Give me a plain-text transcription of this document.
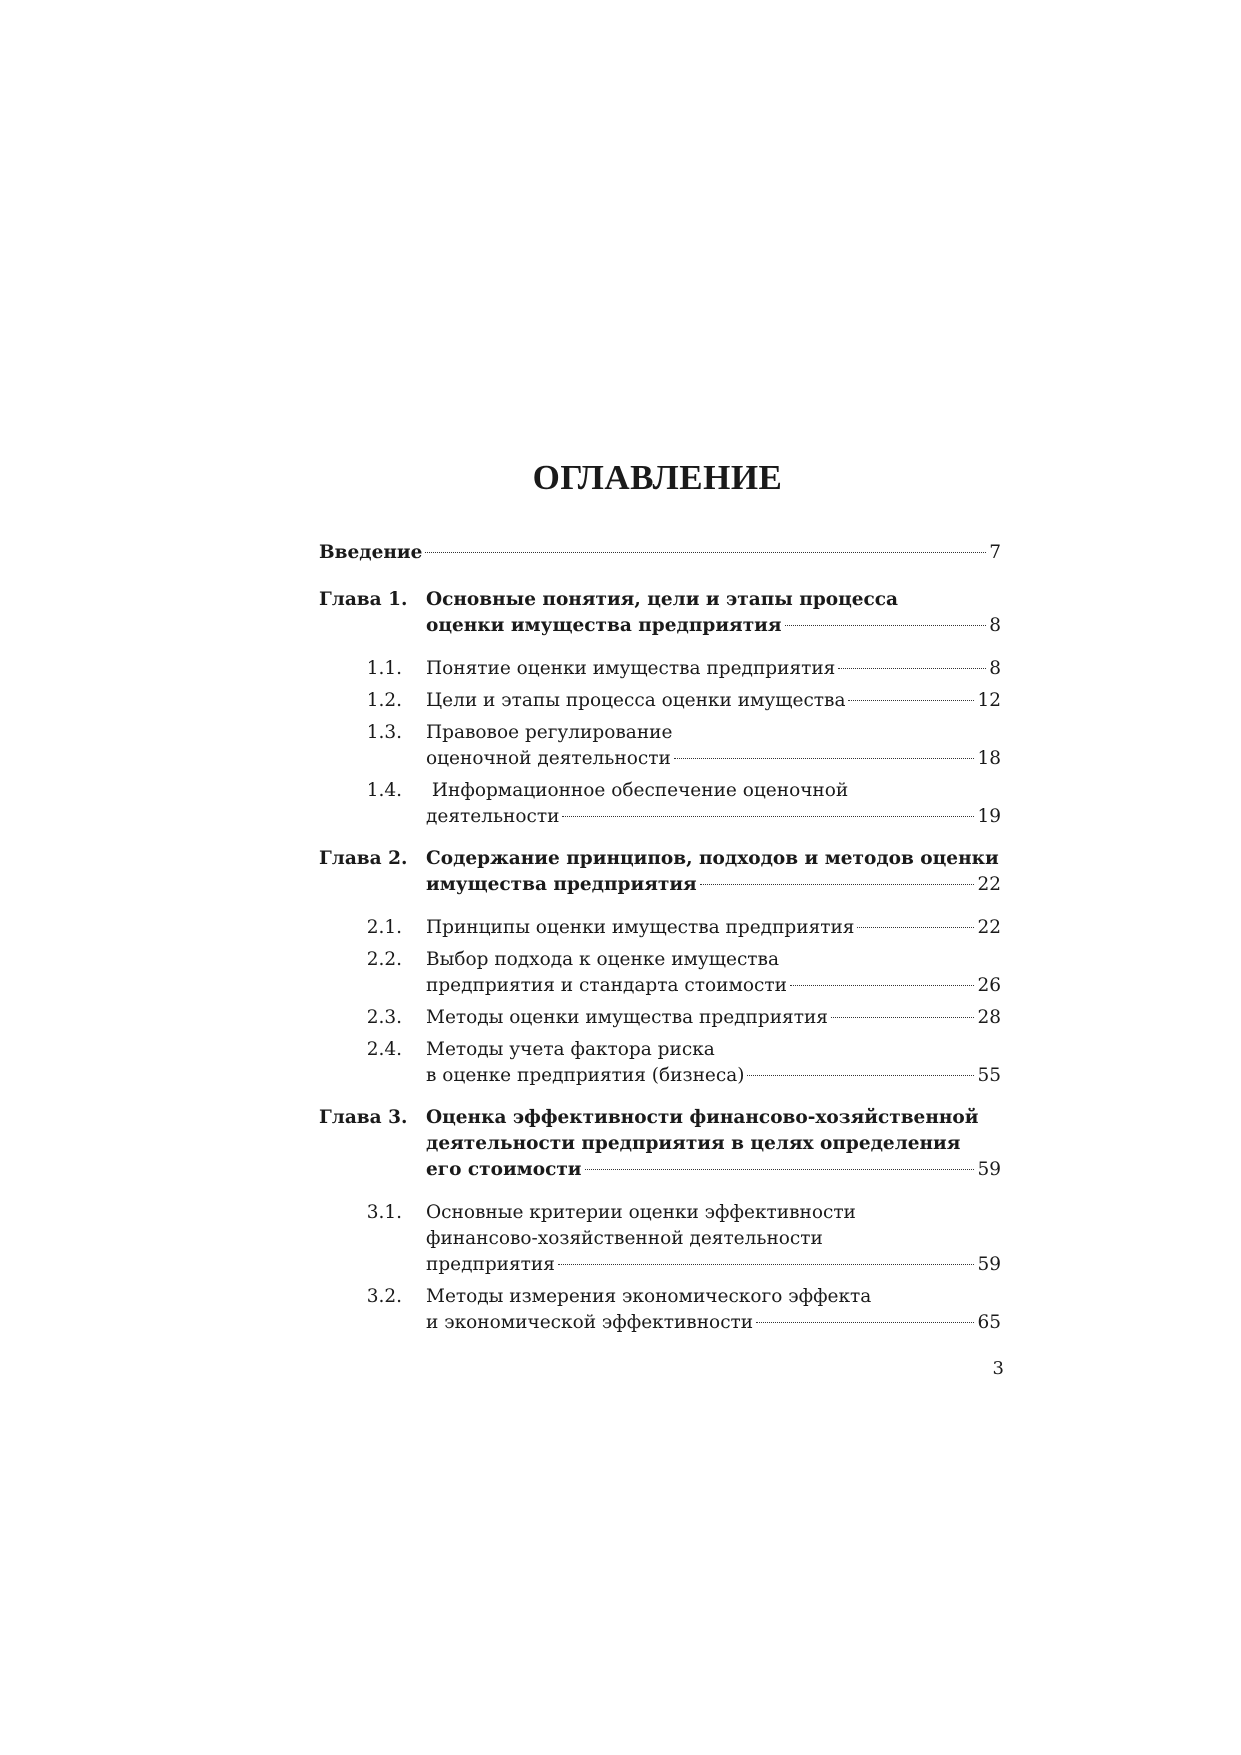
ОГЛАВЛЕНИЕ
Введение	7
Глава 1.	Основные понятия, цели и этапы процесса
оценки имущества предприятия	8
1.1. Понятие оценки имущества предприятия	8
1.2. Цели и этапы процесса оценки имущества	12
1.3. Правовое регулирование
оценочной деятельности	18
1.4. Информационное обеспечение оценочной
деятельности	19
Глава 2.	Содержание принципов, подходов и методов оценки
имущества предприятия	22
2.1. Принципы оценки имущества предприятия	22
2.2. Выбор подхода к оценке имущества
предприятия и стандарта стоимости	26
2.3. Методы оценки имущества предприятия	28
2.4. Методы учета фактора риска
в оценке предприятия (бизнеса)	55
Глава 3.	Оценка эффективности финансово-хозяйственной
деятельности предприятия в целях определения
его стоимости	59
3.1. Основные критерии оценки эффективности
финансово-хозяйственной деятельности
предприятия	59
3.2. Методы измерения экономического эффекта
и экономической эффективности	65

3
